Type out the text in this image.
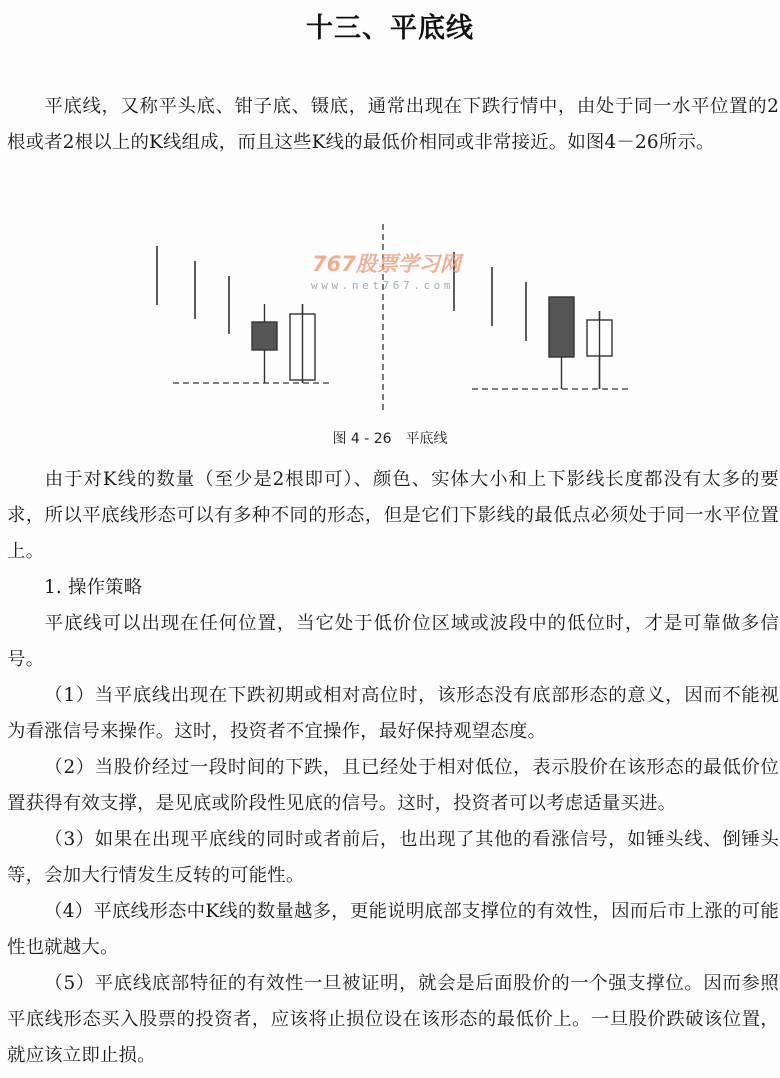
十三、平底线
平底线，又称平头底、钳子底、镊底，通常出现在下跌行情中，由处于同一水平位置的2根或者2根以上的K线组成，而且这些K线的最低价相同或非常接近。如图4－26所示。
767股票学习网
www.net767.com
图 4 - 26　平底线
由于对K线的数量（至少是2根即可）、颜色、实体大小和上下影线长度都没有太多的要求，所以平底线形态可以有多种不同的形态，但是它们下影线的最低点必须处于同一水平位置上。
1. 操作策略
平底线可以出现在任何位置，当它处于低价位区域或波段中的低位时，才是可靠做多信号。
（1）当平底线出现在下跌初期或相对高位时，该形态没有底部形态的意义，因而不能视为看涨信号来操作。这时，投资者不宜操作，最好保持观望态度。
（2）当股价经过一段时间的下跌，且已经处于相对低位，表示股价在该形态的最低价位置获得有效支撑，是见底或阶段性见底的信号。这时，投资者可以考虑适量买进。
（3）如果在出现平底线的同时或者前后，也出现了其他的看涨信号，如锤头线、倒锤头等，会加大行情发生反转的可能性。
（4）平底线形态中K线的数量越多，更能说明底部支撑位的有效性，因而后市上涨的可能性也就越大。
（5）平底线底部特征的有效性一旦被证明，就会是后面股价的一个强支撑位。因而参照平底线形态买入股票的投资者，应该将止损位设在该形态的最低价上。一旦股价跌破该位置，就应该立即止损。
